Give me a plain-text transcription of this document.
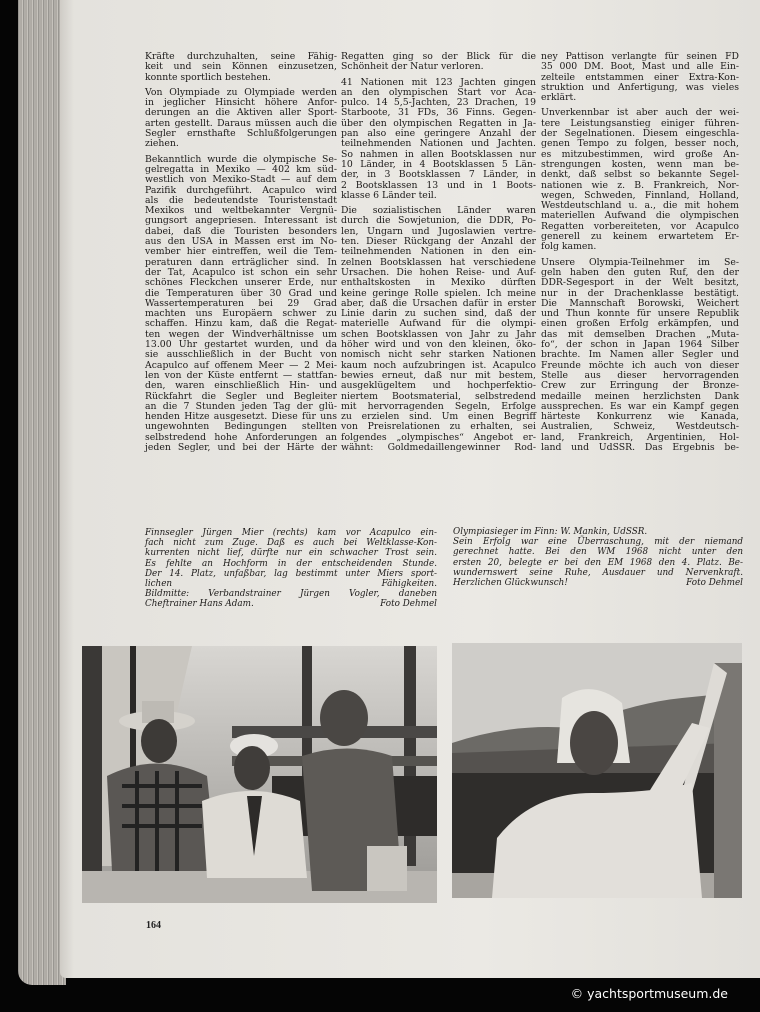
Kräfte durchzuhalten, seine Fähig-
keit und sein Können einzusetzen,
konnte sportlich bestehen.
Von Olympiade zu Olympiade werden
in jeglicher Hinsicht höhere Anfor-
derungen an die Aktiven aller Sport-
arten gestellt. Daraus müssen auch die
Segler ernsthafte Schlußfolgerungen
ziehen.
Bekanntlich wurde die olympische Se-
gelregatta in Mexiko — 402 km süd-
westlich von Mexiko-Stadt — auf dem
Pazifik durchgeführt. Acapulco wird
als die bedeutendste Touristenstadt
Mexikos und weltbekannter Vergnü-
gungsort angepriesen. Interessant ist
dabei, daß die Touristen besonders
aus den USA in Massen erst im No-
vember hier eintreffen, weil die Tem-
peraturen dann erträglicher sind. In
der Tat, Acapulco ist schon ein sehr
schönes Fleckchen unserer Erde, nur
die Temperaturen über 30 Grad und
Wassertemperaturen bei 29 Grad
machten uns Europäern schwer zu
schaffen. Hinzu kam, daß die Regat-
ten wegen der Windverhältnisse um
13.00 Uhr gestartet wurden, und da
sie ausschließlich in der Bucht von
Acapulco auf offenem Meer — 2 Mei-
len von der Küste entfernt — stattfan-
den, waren einschließlich Hin- und
Rückfahrt die Segler und Begleiter
an die 7 Stunden jeden Tag der glü-
henden Hitze ausgesetzt. Diese für uns
ungewohnten Bedingungen stellten
selbstredend hohe Anforderungen an
jeden Segler, und bei der Härte der
Regatten ging so der Blick für die
Schönheit der Natur verloren.
41 Nationen mit 123 Jachten gingen
an den olympischen Start vor Aca-
pulco. 14 5,5-Jachten, 23 Drachen, 19
Starboote, 31 FDs, 36 Finns. Gegen-
über den olympischen Regatten in Ja-
pan also eine geringere Anzahl der
teilnehmenden Nationen und Jachten.
So nahmen in allen Bootsklassen nur
10 Länder, in 4 Bootsklassen 5 Län-
der, in 3 Bootsklassen 7 Länder, in
2 Bootsklassen 13 und in 1 Boots-
klasse 6 Länder teil.
Die sozialistischen Länder waren
durch die Sowjetunion, die DDR, Po-
len, Ungarn und Jugoslawien vertre-
ten. Dieser Rückgang der Anzahl der
teilnehmenden Nationen in den ein-
zelnen Bootsklassen hat verschiedene
Ursachen. Die hohen Reise- und Auf-
enthaltskosten in Mexiko dürften
keine geringe Rolle spielen. Ich meine
aber, daß die Ursachen dafür in erster
Linie darin zu suchen sind, daß der
materielle Aufwand für die olympi-
schen Bootsklassen von Jahr zu Jahr
höher wird und von den kleinen, öko-
nomisch nicht sehr starken Nationen
kaum noch aufzubringen ist. Acapulco
bewies erneut, daß nur mit bestem,
ausgeklügeltem und hochperfektio-
niertem Bootsmaterial, selbstredend
mit hervorragenden Segeln, Erfolge
zu erzielen sind. Um einen Begriff
von Preisrelationen zu erhalten, sei
folgendes „olympisches“ Angebot er-
wähnt: Goldmedaillengewinner Rod-
ney Pattison verlangte für seinen FD
35 000 DM. Boot, Mast und alle Ein-
zelteile entstammen einer Extra-Kon-
struktion und Anfertigung, was vieles
erklärt.
Unverkennbar ist aber auch der wei-
tere Leistungsanstieg einiger führen-
der Segelnationen. Diesem eingeschla-
genen Tempo zu folgen, besser noch,
es mitzubestimmen, wird große An-
strengungen kosten, wenn man be-
denkt, daß selbst so bekannte Segel-
nationen wie z. B. Frankreich, Nor-
wegen, Schweden, Finnland, Holland,
Westdeutschland u. a., die mit hohem
materiellen Aufwand die olympischen
Regatten vorbereiteten, vor Acapulco
generell zu keinem erwartetem Er-
folg kamen.
Unsere Olympia-Teilnehmer im Se-
geln haben den guten Ruf, den der
DDR-Segesport in der Welt besitzt,
nur in der Drachenklasse bestätigt.
Die Mannschaft Borowski, Weichert
und Thun konnte für unsere Republik
einen großen Erfolg erkämpfen, und
das mit demselben Drachen „Muta-
fo“, der schon in Japan 1964 Silber
brachte. Im Namen aller Segler und
Freunde möchte ich auch von dieser
Stelle aus dieser hervorragenden
Crew zur Erringung der Bronze-
medaille meinen herzlichsten Dank
aussprechen. Es war ein Kampf gegen
härteste Konkurrenz wie Kanada,
Australien, Schweiz, Westdeutsch-
land, Frankreich, Argentinien, Hol-
land und UdSSR. Das Ergebnis be-
Finnsegler Jürgen Mier (rechts) kam vor Acapulco ein-
fach nicht zum Zuge. Daß es auch bei Weltklasse-Kon-
kurrenten nicht lief, dürfte nur ein schwacher Trost sein.
Es fehlte an Hochform in der entscheidenden Stunde.
Der 14. Platz, unfaßbar, lag bestimmt unter Miers sport-
lichen Fähigkeiten.
Bildmitte: Verbandstrainer Jürgen Vogler, daneben
Cheftrainer Hans Adam.	Foto Dehmel
Olympiasieger im Finn: W. Mankin, UdSSR.
Sein Erfolg war eine Überraschung, mit der niemand
gerechnet hatte. Bei den WM 1968 nicht unter den
ersten 20, belegte er bei den EM 1968 den 4. Platz. Be-
wundernswert seine Ruhe, Ausdauer und Nervenkraft.
Herzlichen Glückwunsch!	Foto Dehmel
164
© yachtsportmuseum.de
